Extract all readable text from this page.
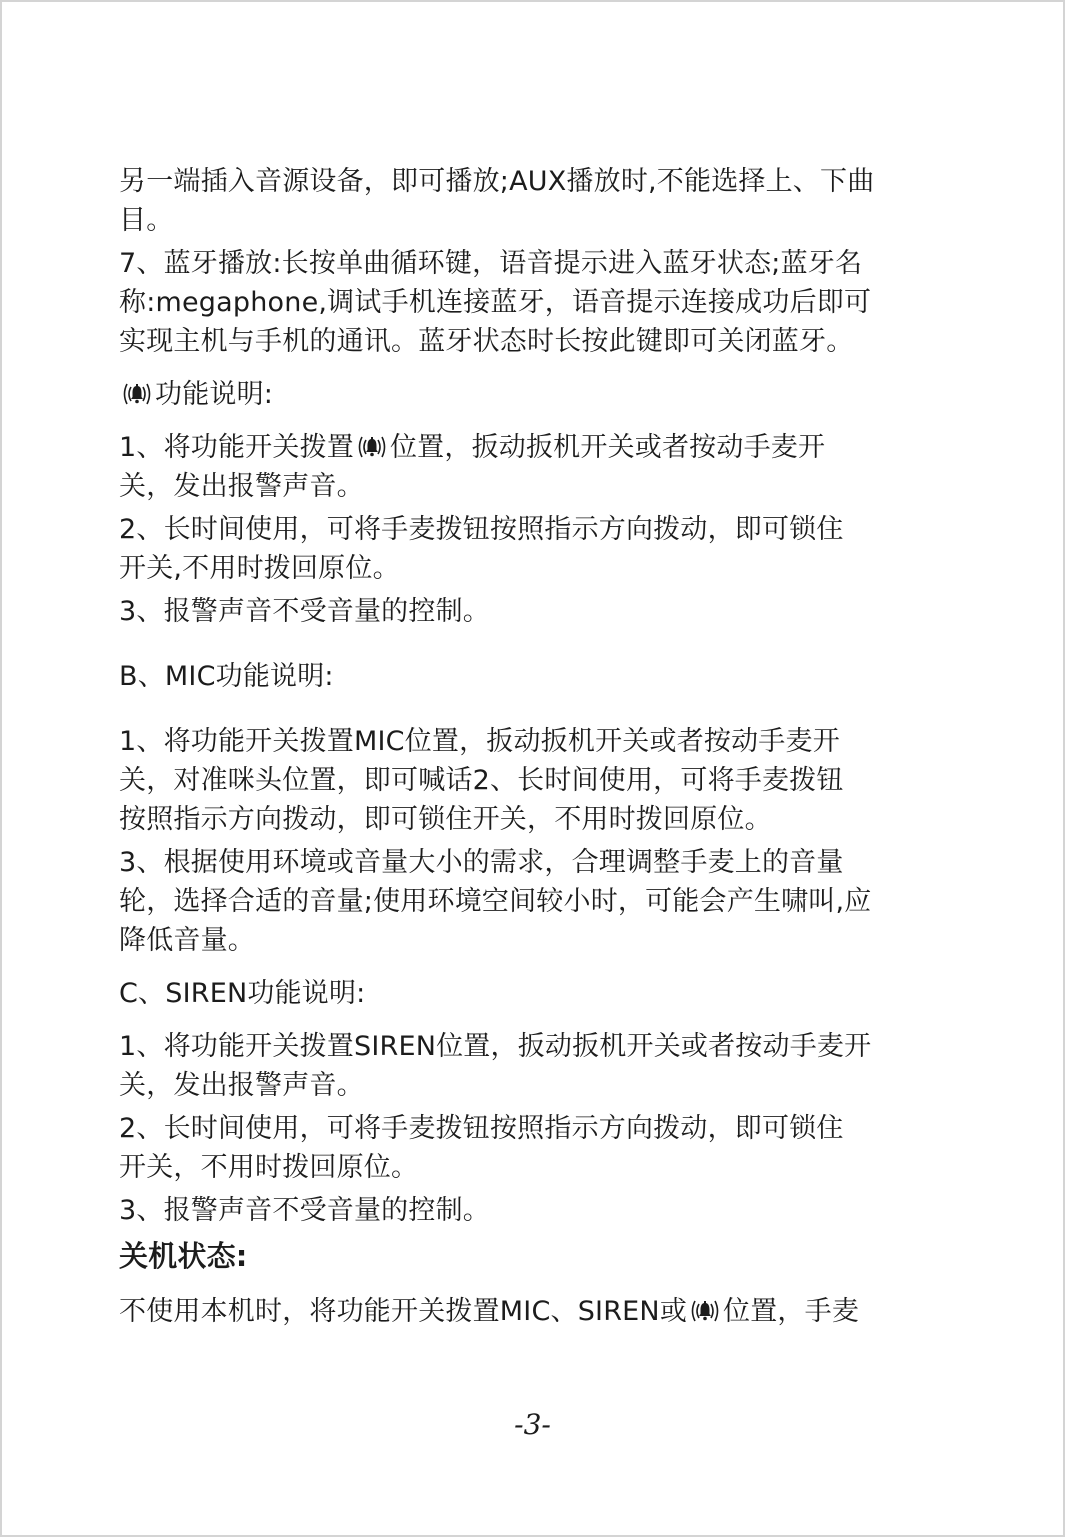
另一端插入音源设备，即可播放;AUX播放时,不能选择上、下曲
目。
7、蓝牙播放:长按单曲循环键，语音提示进入蓝牙状态;蓝牙名
称:megaphone,调试手机连接蓝牙，语音提示连接成功后即可
实现主机与手机的通讯。蓝牙状态时长按此键即可关闭蓝牙。
功能说明:
1、将功能开关拨置 位置，扳动扳机开关或者按动手麦开
关，发出报警声音。
2、长时间使用，可将手麦拨钮按照指示方向拨动，即可锁住
开关,不用时拨回原位。
3、报警声音不受音量的控制。
B、MIC功能说明:
1、将功能开关拨置MIC位置，扳动扳机开关或者按动手麦开
关，对准咪头位置，即可喊话2、长时间使用，可将手麦拨钮
按照指示方向拨动，即可锁住开关，不用时拨回原位。
3、根据使用环境或音量大小的需求，合理调整手麦上的音量
轮，选择合适的音量;使用环境空间较小时，可能会产生啸叫,应
降低音量。
C、SIREN功能说明:
1、将功能开关拨置SIREN位置，扳动扳机开关或者按动手麦开
关，发出报警声音。
2、长时间使用，可将手麦拨钮按照指示方向拨动，即可锁住
开关，不用时拨回原位。
3、报警声音不受音量的控制。
关机状态:
不使用本机时，将功能开关拨置MIC、SIREN或 位置，手麦
-3-
